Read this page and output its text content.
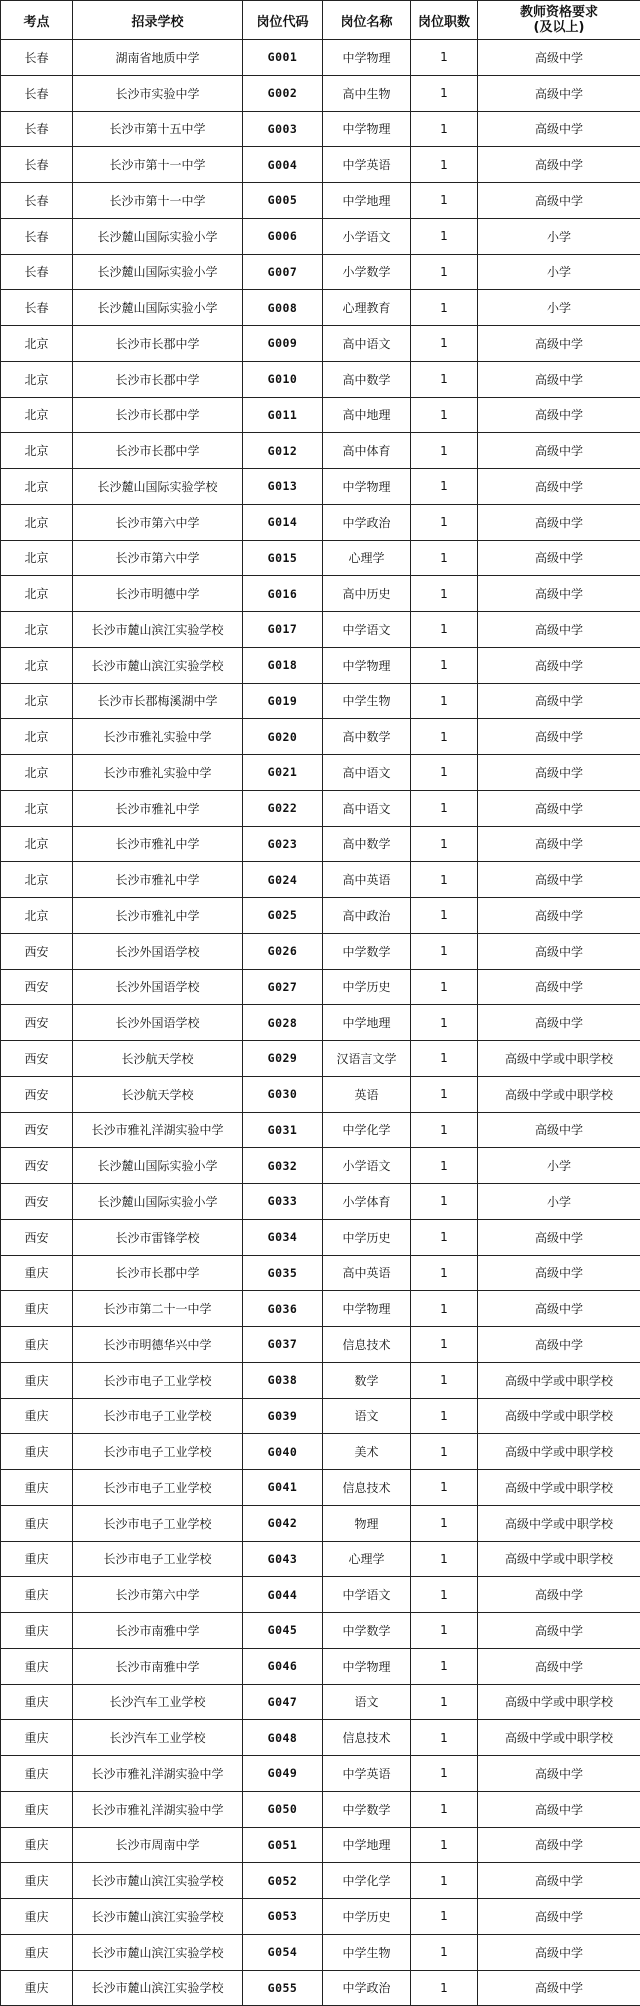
考点	招录学校	岗位代码	岗位名称	岗位职数	教师资格要求
(及以上)

长春	湖南省地质中学	G001	中学物理	1	高级中学
长春	长沙市实验中学	G002	高中生物	1	高级中学
长春	长沙市第十五中学	G003	中学物理	1	高级中学
长春	长沙市第十一中学	G004	中学英语	1	高级中学
长春	长沙市第十一中学	G005	中学地理	1	高级中学
长春	长沙麓山国际实验小学	G006	小学语文	1	小学
长春	长沙麓山国际实验小学	G007	小学数学	1	小学
长春	长沙麓山国际实验小学	G008	心理教育	1	小学
北京	长沙市长郡中学	G009	高中语文	1	高级中学
北京	长沙市长郡中学	G010	高中数学	1	高级中学
北京	长沙市长郡中学	G011	高中地理	1	高级中学
北京	长沙市长郡中学	G012	高中体育	1	高级中学
北京	长沙麓山国际实验学校	G013	中学物理	1	高级中学
北京	长沙市第六中学	G014	中学政治	1	高级中学
北京	长沙市第六中学	G015	心理学	1	高级中学
北京	长沙市明德中学	G016	高中历史	1	高级中学
北京	长沙市麓山滨江实验学校	G017	中学语文	1	高级中学
北京	长沙市麓山滨江实验学校	G018	中学物理	1	高级中学
北京	长沙市长郡梅溪湖中学	G019	中学生物	1	高级中学
北京	长沙市雅礼实验中学	G020	高中数学	1	高级中学
北京	长沙市雅礼实验中学	G021	高中语文	1	高级中学
北京	长沙市雅礼中学	G022	高中语文	1	高级中学
北京	长沙市雅礼中学	G023	高中数学	1	高级中学
北京	长沙市雅礼中学	G024	高中英语	1	高级中学
北京	长沙市雅礼中学	G025	高中政治	1	高级中学
西安	长沙外国语学校	G026	中学数学	1	高级中学
西安	长沙外国语学校	G027	中学历史	1	高级中学
西安	长沙外国语学校	G028	中学地理	1	高级中学
西安	长沙航天学校	G029	汉语言文学	1	高级中学或中职学校
西安	长沙航天学校	G030	英语	1	高级中学或中职学校
西安	长沙市雅礼洋湖实验中学	G031	中学化学	1	高级中学
西安	长沙麓山国际实验小学	G032	小学语文	1	小学
西安	长沙麓山国际实验小学	G033	小学体育	1	小学
西安	长沙市雷锋学校	G034	中学历史	1	高级中学
重庆	长沙市长郡中学	G035	高中英语	1	高级中学
重庆	长沙市第二十一中学	G036	中学物理	1	高级中学
重庆	长沙市明德华兴中学	G037	信息技术	1	高级中学
重庆	长沙市电子工业学校	G038	数学	1	高级中学或中职学校
重庆	长沙市电子工业学校	G039	语文	1	高级中学或中职学校
重庆	长沙市电子工业学校	G040	美术	1	高级中学或中职学校
重庆	长沙市电子工业学校	G041	信息技术	1	高级中学或中职学校
重庆	长沙市电子工业学校	G042	物理	1	高级中学或中职学校
重庆	长沙市电子工业学校	G043	心理学	1	高级中学或中职学校
重庆	长沙市第六中学	G044	中学语文	1	高级中学
重庆	长沙市南雅中学	G045	中学数学	1	高级中学
重庆	长沙市南雅中学	G046	中学物理	1	高级中学
重庆	长沙汽车工业学校	G047	语文	1	高级中学或中职学校
重庆	长沙汽车工业学校	G048	信息技术	1	高级中学或中职学校
重庆	长沙市雅礼洋湖实验中学	G049	中学英语	1	高级中学
重庆	长沙市雅礼洋湖实验中学	G050	中学数学	1	高级中学
重庆	长沙市周南中学	G051	中学地理	1	高级中学
重庆	长沙市麓山滨江实验学校	G052	中学化学	1	高级中学
重庆	长沙市麓山滨江实验学校	G053	中学历史	1	高级中学
重庆	长沙市麓山滨江实验学校	G054	中学生物	1	高级中学
重庆	长沙市麓山滨江实验学校	G055	中学政治	1	高级中学
